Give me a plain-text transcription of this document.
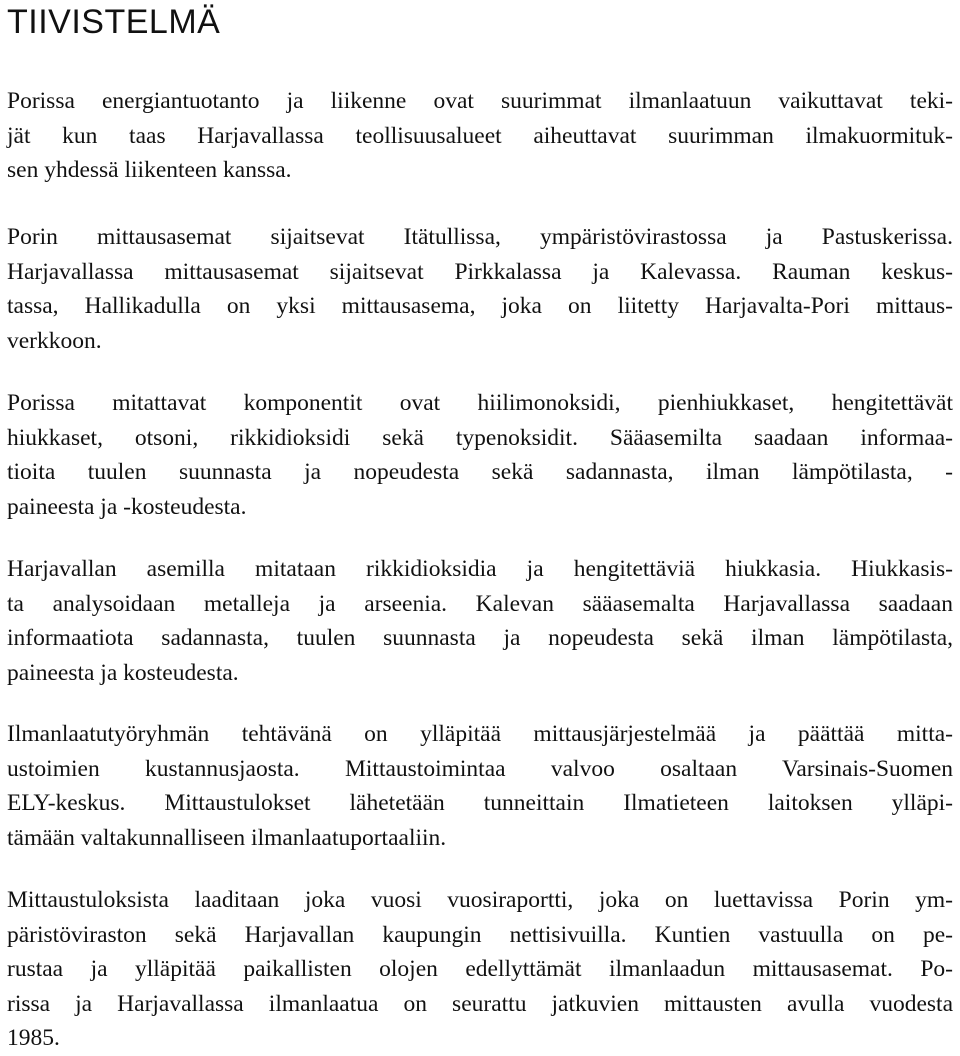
TIIVISTELMÄ
Porissa energiantuotanto ja liikenne ovat suurimmat ilmanlaatuun vaikuttavat teki-
jät kun taas Harjavallassa teollisuusalueet aiheuttavat suurimman ilmakuormituk-
sen yhdessä liikenteen kanssa.
Porin mittausasemat sijaitsevat Itätullissa, ympäristövirastossa ja Pastuskerissa.
Harjavallassa mittausasemat sijaitsevat Pirkkalassa ja Kalevassa. Rauman keskus-
tassa, Hallikadulla on yksi mittausasema, joka on liitetty Harjavalta-Pori mittaus-
verkkoon.
Porissa mitattavat komponentit ovat hiilimonoksidi, pienhiukkaset, hengitettävät
hiukkaset, otsoni, rikkidioksidi sekä typenoksidit. Sääasemilta saadaan informaa-
tioita tuulen suunnasta ja nopeudesta sekä sadannasta, ilman lämpötilasta, -
paineesta ja -kosteudesta.
Harjavallan asemilla mitataan rikkidioksidia ja hengitettäviä hiukkasia. Hiukkasis-
ta analysoidaan metalleja ja arseenia. Kalevan sääasemalta Harjavallassa saadaan
informaatiota sadannasta, tuulen suunnasta ja nopeudesta sekä ilman lämpötilasta,
paineesta ja kosteudesta.
Ilmanlaatutyöryhmän tehtävänä on ylläpitää mittausjärjestelmää ja päättää mitta-
ustoimien kustannusjaosta. Mittaustoimintaa valvoo osaltaan Varsinais-Suomen
ELY-keskus. Mittaustulokset lähetetään tunneittain Ilmatieteen laitoksen ylläpi-
tämään valtakunnalliseen ilmanlaatuportaaliin.
Mittaustuloksista laaditaan joka vuosi vuosiraportti, joka on luettavissa Porin ym-
päristöviraston sekä Harjavallan kaupungin nettisivuilla. Kuntien vastuulla on pe-
rustaa ja ylläpitää paikallisten olojen edellyttämät ilmanlaadun mittausasemat. Po-
rissa ja Harjavallassa ilmanlaatua on seurattu jatkuvien mittausten avulla vuodesta
1985.
